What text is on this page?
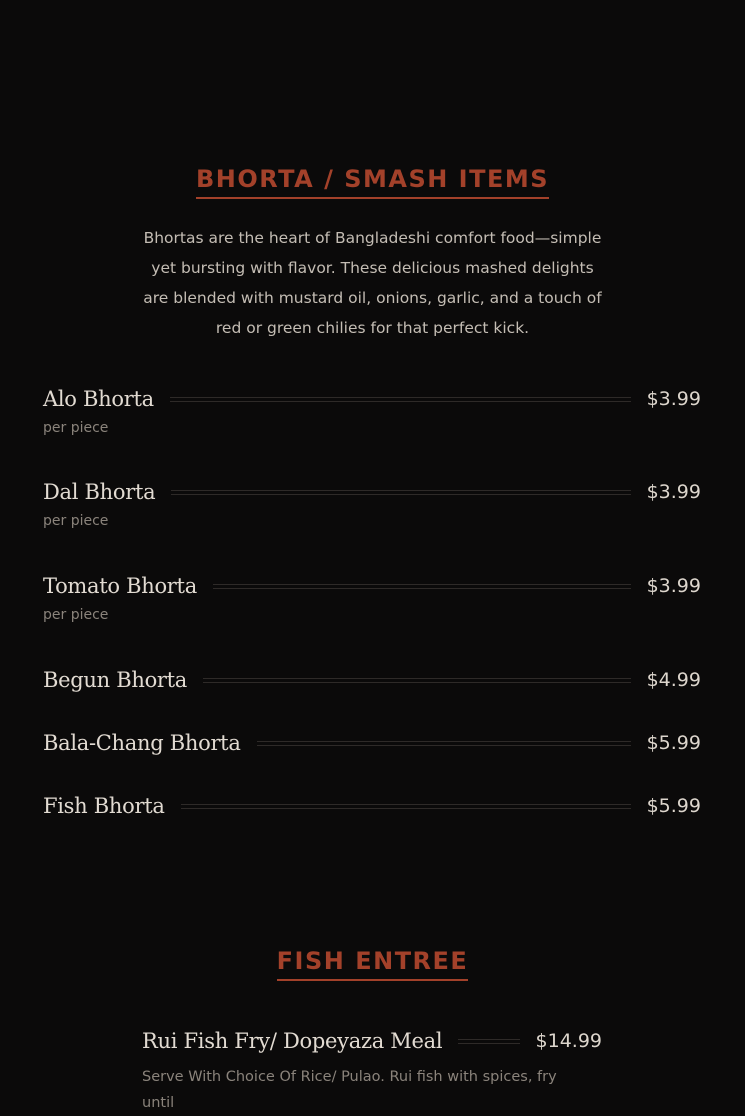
BHORTA / SMASH ITEMS

Bhortas are the heart of Bangladeshi comfort food—simple yet bursting with flavor. These delicious mashed delights are blended with mustard oil, onions, garlic, and a touch of red or green chilies for that perfect kick.

Alo Bhorta	$3.99
per piece
Dal Bhorta	$3.99
per piece
Tomato Bhorta	$3.99
per piece
Begun Bhorta	$4.99
Bala-Chang Bhorta	$5.99
Fish Bhorta	$5.99
FISH ENTREE
Rui Fish Fry/ Dopeyaza Meal	$14.99
Serve With Choice Of Rice/ Pulao. Rui fish with spices, fry until
